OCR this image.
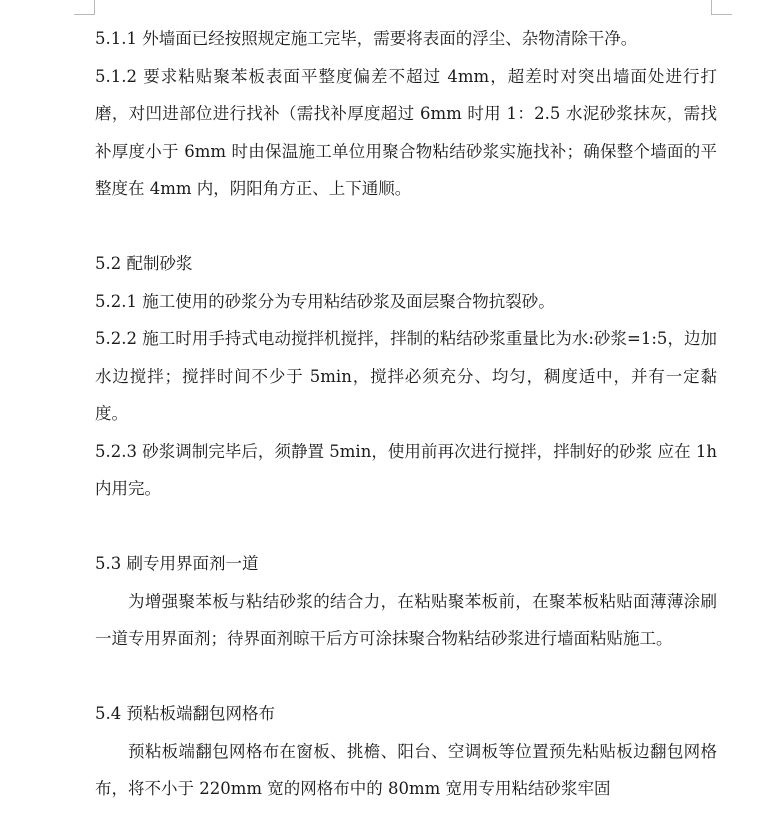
5.1.1 外墙面已经按照规定施工完毕，需要将表面的浮尘、杂物清除干净。

5.1.2 要求粘贴聚苯板表面平整度偏差不超过 4mm，超差时对突出墙面处进行打磨，对凹进部位进行找补（需找补厚度超过 6mm 时用 1：2.5 水泥砂浆抹灰，需找补厚度小于 6mm 时由保温施工单位用聚合物粘结砂浆实施找补；确保整个墙面的平整度在 4mm 内，阴阳角方正、上下通顺。

5.2 配制砂浆

5.2.1 施工使用的砂浆分为专用粘结砂浆及面层聚合物抗裂砂。

5.2.2 施工时用手持式电动搅拌机搅拌，拌制的粘结砂浆重量比为水:砂浆=1:5，边加水边搅拌；搅拌时间不少于 5min，搅拌必须充分、均匀，稠度适中，并有一定黏度。

5.2.3 砂浆调制完毕后，须静置 5min，使用前再次进行搅拌，拌制好的砂浆 应在 1h 内用完。

5.3 刷专用界面剂一道

为增强聚苯板与粘结砂浆的结合力，在粘贴聚苯板前，在聚苯板粘贴面薄薄涂刷一道专用界面剂；待界面剂晾干后方可涂抹聚合物粘结砂浆进行墙面粘贴施工。

5.4 预粘板端翻包网格布

预粘板端翻包网格布在窗板、挑檐、阳台、空调板等位置预先粘贴板边翻包网格布，将不小于 220mm 宽的网格布中的 80mm 宽用专用粘结砂浆牢固
